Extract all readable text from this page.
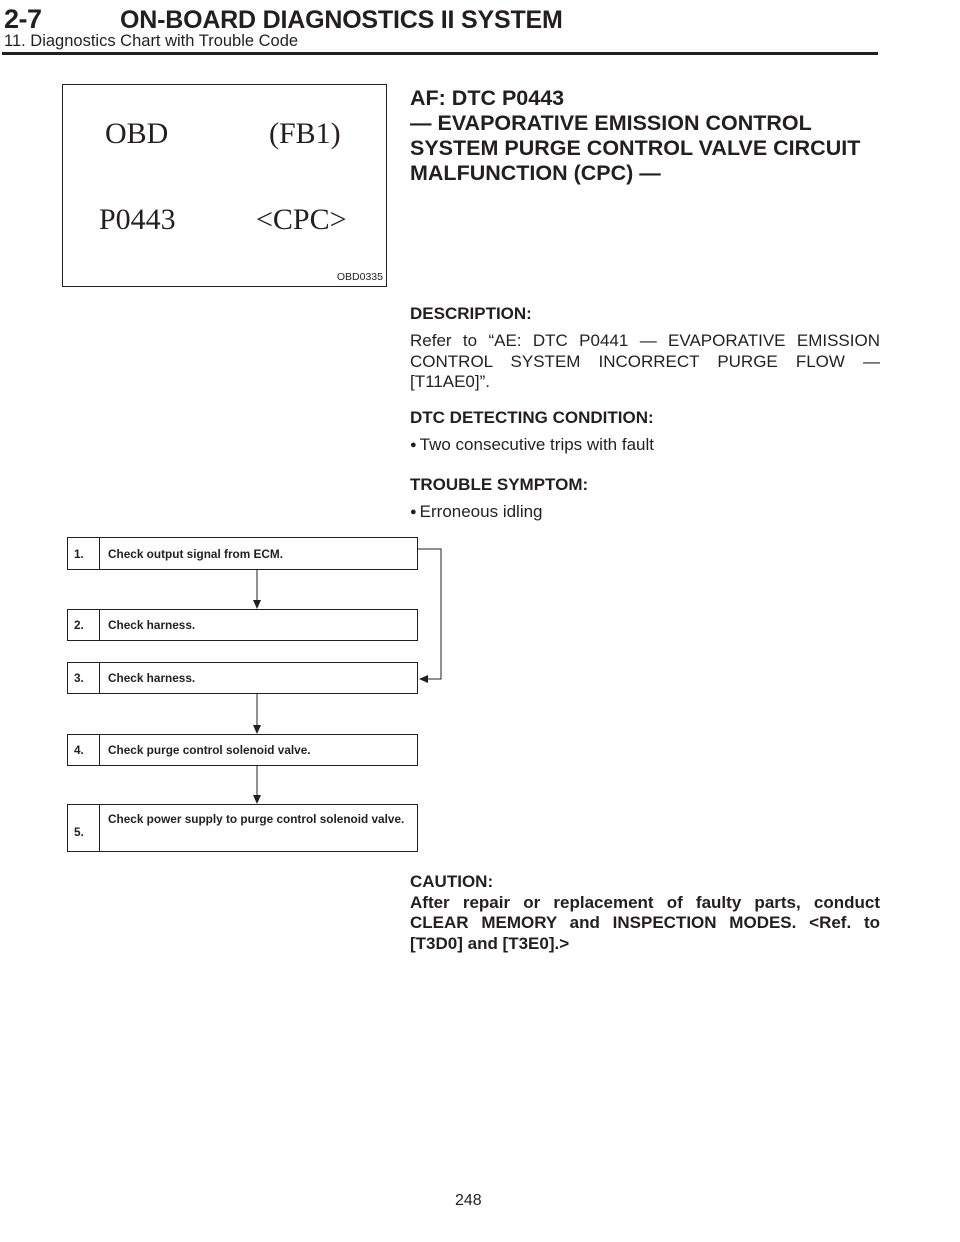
2-7	ON-BOARD DIAGNOSTICS II SYSTEM
11. Diagnostics Chart with Trouble Code
OBD	(FB1)
P0443	<CPC>
OBD0335
AF: DTC P0443
— EVAPORATIVE EMISSION CONTROL
SYSTEM PURGE CONTROL VALVE CIRCUIT
MALFUNCTION (CPC) —
DESCRIPTION:
Refer to “AE: DTC P0441 — EVAPORATIVE EMISSION CONTROL SYSTEM INCORRECT PURGE FLOW — [T11AE0]”.
DTC DETECTING CONDITION:
● Two consecutive trips with fault
TROUBLE SYMPTOM:
● Erroneous idling
1. Check output signal from ECM.
2. Check harness.
3. Check harness.
4. Check purge control solenoid valve.
5.
Check power supply to purge control solenoid valve.
CAUTION:
After repair or replacement of faulty parts, conduct CLEAR MEMORY and INSPECTION MODES. <Ref. to [T3D0] and [T3E0].>
248
